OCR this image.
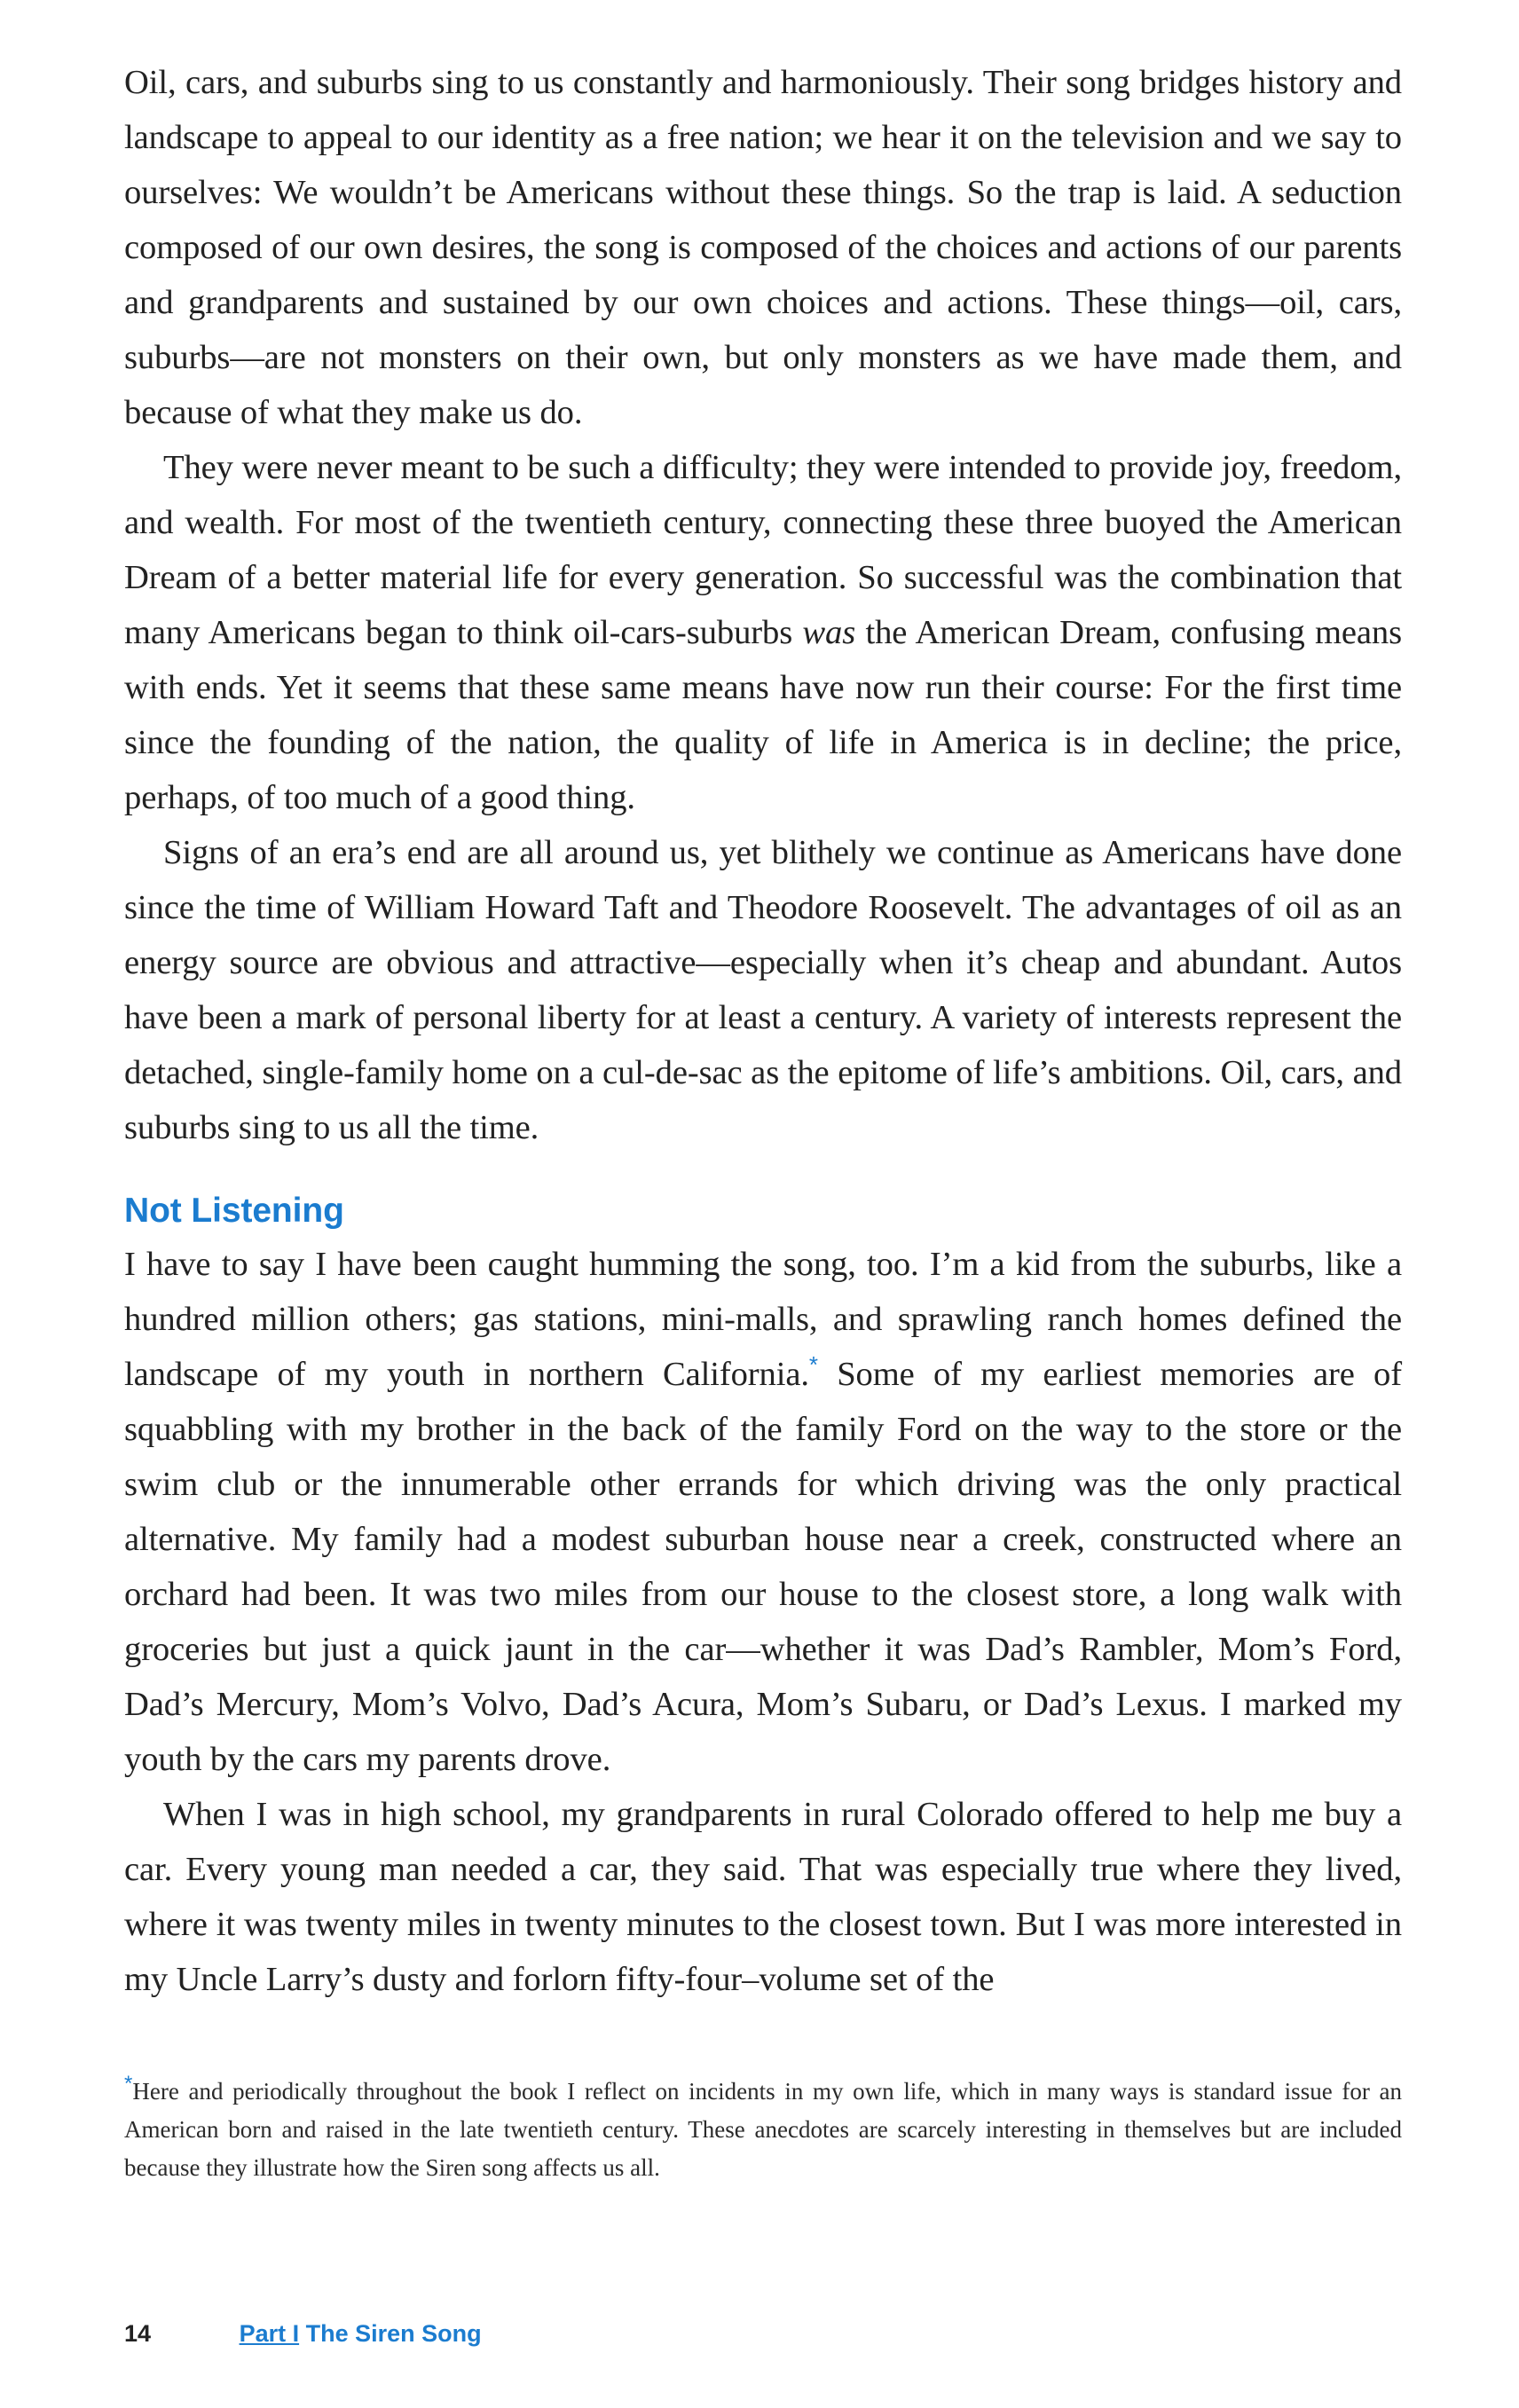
Oil, cars, and suburbs sing to us constantly and harmoniously. Their song bridges history and landscape to appeal to our identity as a free nation; we hear it on the television and we say to ourselves: We wouldn’t be Americans without these things. So the trap is laid. A seduction composed of our own desires, the song is composed of the choices and actions of our parents and grandparents and sustained by our own choices and actions. These things—oil, cars, suburbs—are not monsters on their own, but only monsters as we have made them, and because of what they make us do.

They were never meant to be such a difficulty; they were intended to provide joy, freedom, and wealth. For most of the twentieth century, connecting these three buoyed the American Dream of a better material life for every generation. So successful was the combination that many Americans began to think oil-cars-suburbs was the American Dream, confusing means with ends. Yet it seems that these same means have now run their course: For the first time since the founding of the nation, the quality of life in America is in decline; the price, perhaps, of too much of a good thing.

Signs of an era’s end are all around us, yet blithely we continue as Americans have done since the time of William Howard Taft and Theodore Roosevelt. The advantages of oil as an energy source are obvious and attractive—especially when it’s cheap and abundant. Autos have been a mark of personal liberty for at least a century. A variety of interests represent the detached, single-family home on a cul-de-sac as the epitome of life’s ambitions. Oil, cars, and suburbs sing to us all the time.

Not Listening

I have to say I have been caught humming the song, too. I’m a kid from the suburbs, like a hundred million others; gas stations, mini-malls, and sprawling ranch homes defined the landscape of my youth in northern California.* Some of my earliest memories are of squabbling with my brother in the back of the family Ford on the way to the store or the swim club or the innumerable other errands for which driving was the only practical alternative. My family had a modest suburban house near a creek, constructed where an orchard had been. It was two miles from our house to the closest store, a long walk with groceries but just a quick jaunt in the car—whether it was Dad’s Rambler, Mom’s Ford, Dad’s Mercury, Mom’s Volvo, Dad’s Acura, Mom’s Subaru, or Dad’s Lexus. I marked my youth by the cars my parents drove.

When I was in high school, my grandparents in rural Colorado offered to help me buy a car. Every young man needed a car, they said. That was especially true where they lived, where it was twenty miles in twenty minutes to the closest town. But I was more interested in my Uncle Larry’s dusty and forlorn fifty-four–volume set of the

*Here and periodically throughout the book I reflect on incidents in my own life, which in many ways is standard issue for an American born and raised in the late twentieth century. These anecdotes are scarcely interesting in themselves but are included because they illustrate how the Siren song affects us all.

14	Part I The Siren Song
